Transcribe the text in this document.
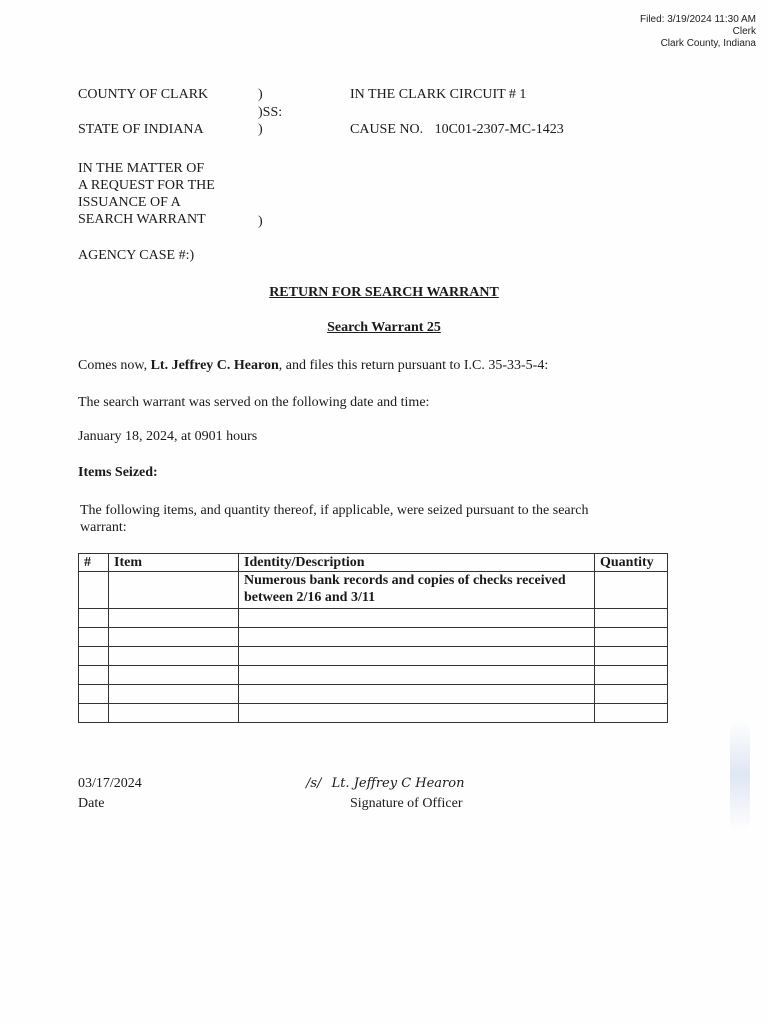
Filed: 3/19/2024 11:30 AM
Clerk
Clark County, Indiana
COUNTY OF CLARK	)
)SS:
IN THE CLARK CIRCUIT # 1
STATE OF INDIANA	)	CAUSE NO. 10C01-2307-MC-1423
IN THE MATTER OF
A REQUEST FOR THE
ISSUANCE OF A
SEARCH WARRANT	)
AGENCY CASE #:)
RETURN FOR SEARCH WARRANT
Search Warrant 25
Comes now, Lt. Jeffrey C. Hearon, and files this return pursuant to I.C. 35-33-5-4:
The search warrant was served on the following date and time:
January 18, 2024, at 0901 hours
Items Seized:
The following items, and quantity thereof, if applicable, were seized pursuant to the search
warrant:
#	Item	Identity/Description	Quantity
		Numerous bank records and copies of checks received between 2/16 and 3/11	

03/17/2024
Date
/s/ Lt. Jeffrey C Hearon
Signature of Officer
